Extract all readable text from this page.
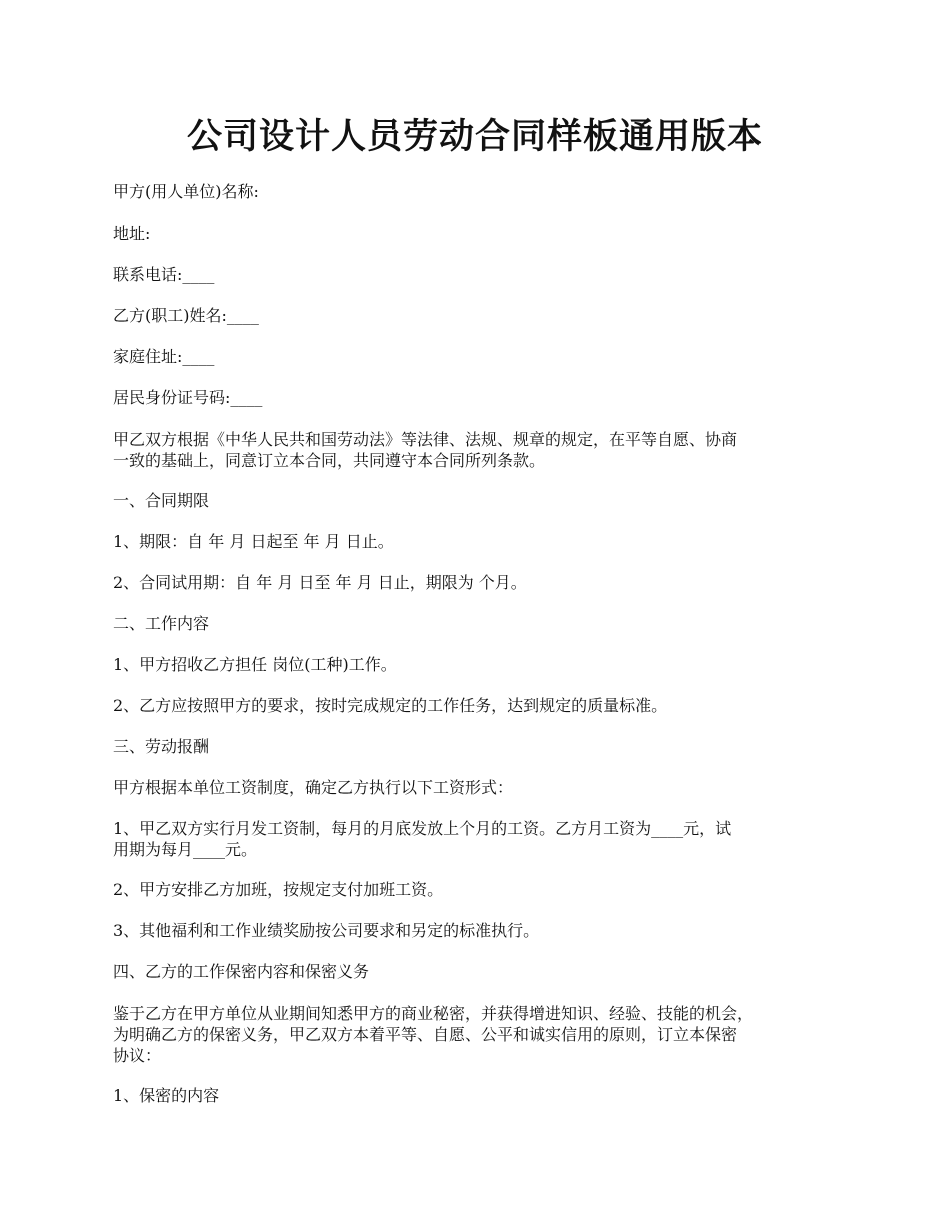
公司设计人员劳动合同样板通用版本
甲方(用人单位)名称:
地址:
联系电话:____
乙方(职工)姓名:____
家庭住址:____
居民身份证号码:____
甲乙双方根据《中华人民共和国劳动法》等法律、法规、规章的规定，在平等自愿、协商
一致的基础上，同意订立本合同，共同遵守本合同所列条款。
一、合同期限
1、期限：自 年 月 日起至 年 月 日止。
2、合同试用期：自 年 月 日至 年 月 日止，期限为 个月。
二、工作内容
1、甲方招收乙方担任 岗位(工种)工作。
2、乙方应按照甲方的要求，按时完成规定的工作任务，达到规定的质量标准。
三、劳动报酬
甲方根据本单位工资制度，确定乙方执行以下工资形式：
1、甲乙双方实行月发工资制，每月的月底发放上个月的工资。乙方月工资为____元，试
用期为每月____元。
2、甲方安排乙方加班，按规定支付加班工资。
3、其他福利和工作业绩奖励按公司要求和另定的标准执行。
四、乙方的工作保密内容和保密义务
鉴于乙方在甲方单位从业期间知悉甲方的商业秘密，并获得增进知识、经验、技能的机会，
为明确乙方的保密义务，甲乙双方本着平等、自愿、公平和诚实信用的原则，订立本保密
协议：
1、保密的内容
